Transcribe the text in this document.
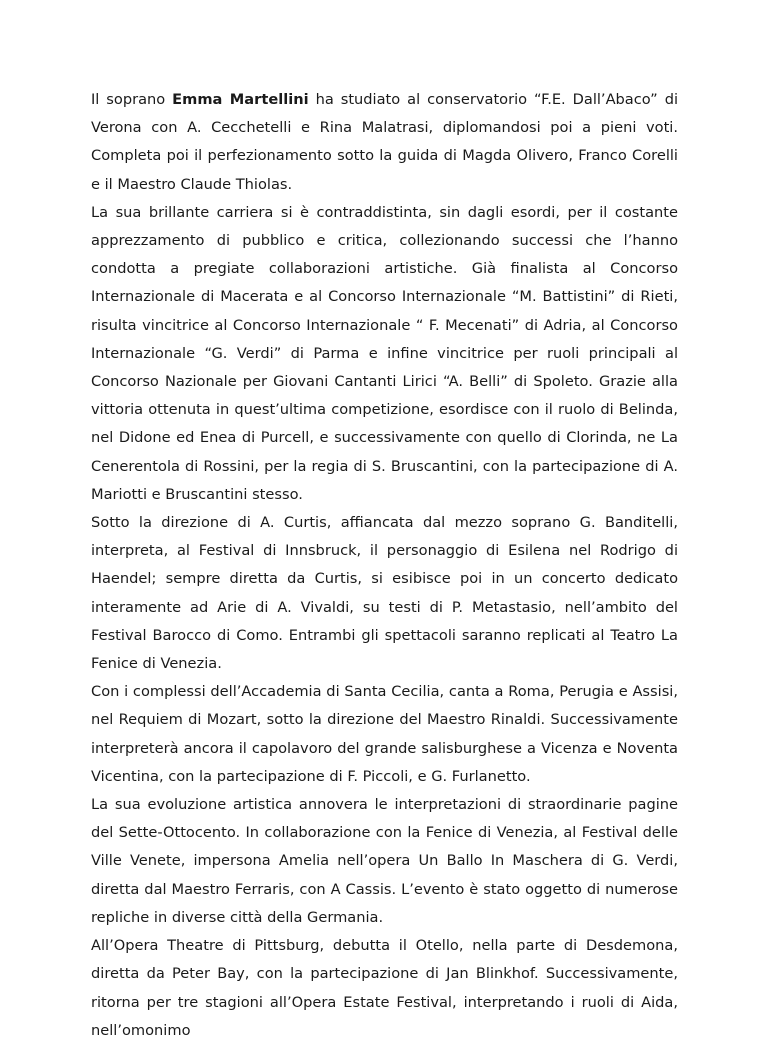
Il soprano Emma Martellini ha studiato al conservatorio “F.E. Dall’Abaco” di Verona con A. Cecchetelli e Rina Malatrasi, diplomandosi poi a pieni voti. Completa poi il perfezionamento sotto la guida di Magda Olivero, Franco Corelli e il Maestro Claude Thiolas.

La sua brillante carriera si è contraddistinta, sin dagli esordi, per il costante apprezzamento di pubblico e critica, collezionando successi che l’hanno condotta a pregiate collaborazioni artistiche. Già finalista al Concorso Internazionale di Macerata e al Concorso Internazionale “M. Battistini” di Rieti, risulta vincitrice al Concorso Internazionale “ F. Mecenati” di Adria, al Concorso Internazionale “G. Verdi” di Parma e infine vincitrice per ruoli principali al Concorso Nazionale per Giovani Cantanti Lirici “A. Belli” di Spoleto. Grazie alla vittoria ottenuta in quest’ultima competizione, esordisce con il ruolo di Belinda, nel Didone ed Enea di Purcell, e successivamente con quello di Clorinda, ne La Cenerentola di Rossini, per la regia di S. Bruscantini, con la partecipazione di A. Mariotti e Bruscantini stesso.

Sotto la direzione di A. Curtis, affiancata dal mezzo soprano G. Banditelli, interpreta, al Festival di Innsbruck, il personaggio di Esilena nel Rodrigo di Haendel; sempre diretta da Curtis, si esibisce poi in un concerto dedicato interamente ad Arie di A. Vivaldi, su testi di P. Metastasio, nell’ambito del Festival Barocco di Como. Entrambi gli spettacoli saranno replicati al Teatro La Fenice di Venezia.

Con i complessi dell’Accademia di Santa Cecilia, canta a Roma, Perugia e Assisi, nel Requiem di Mozart, sotto la direzione del Maestro Rinaldi. Successivamente interpreterà ancora il capolavoro del grande salisburghese a Vicenza e Noventa Vicentina, con la partecipazione di F. Piccoli, e G. Furlanetto.

La sua evoluzione artistica annovera le interpretazioni di straordinarie pagine del Sette-Ottocento. In collaborazione con la Fenice di Venezia, al Festival delle Ville Venete, impersona Amelia nell’opera Un Ballo In Maschera di G. Verdi, diretta dal Maestro Ferraris, con A Cassis. L’evento è stato oggetto di numerose repliche in diverse città della Germania.

All’Opera Theatre di Pittsburg, debutta il Otello, nella parte di Desdemona, diretta da Peter Bay, con la partecipazione di Jan Blinkhof. Successivamente, ritorna per tre stagioni all’Opera Estate Festival, interpretando i ruoli di Aida, nell’omonimo
